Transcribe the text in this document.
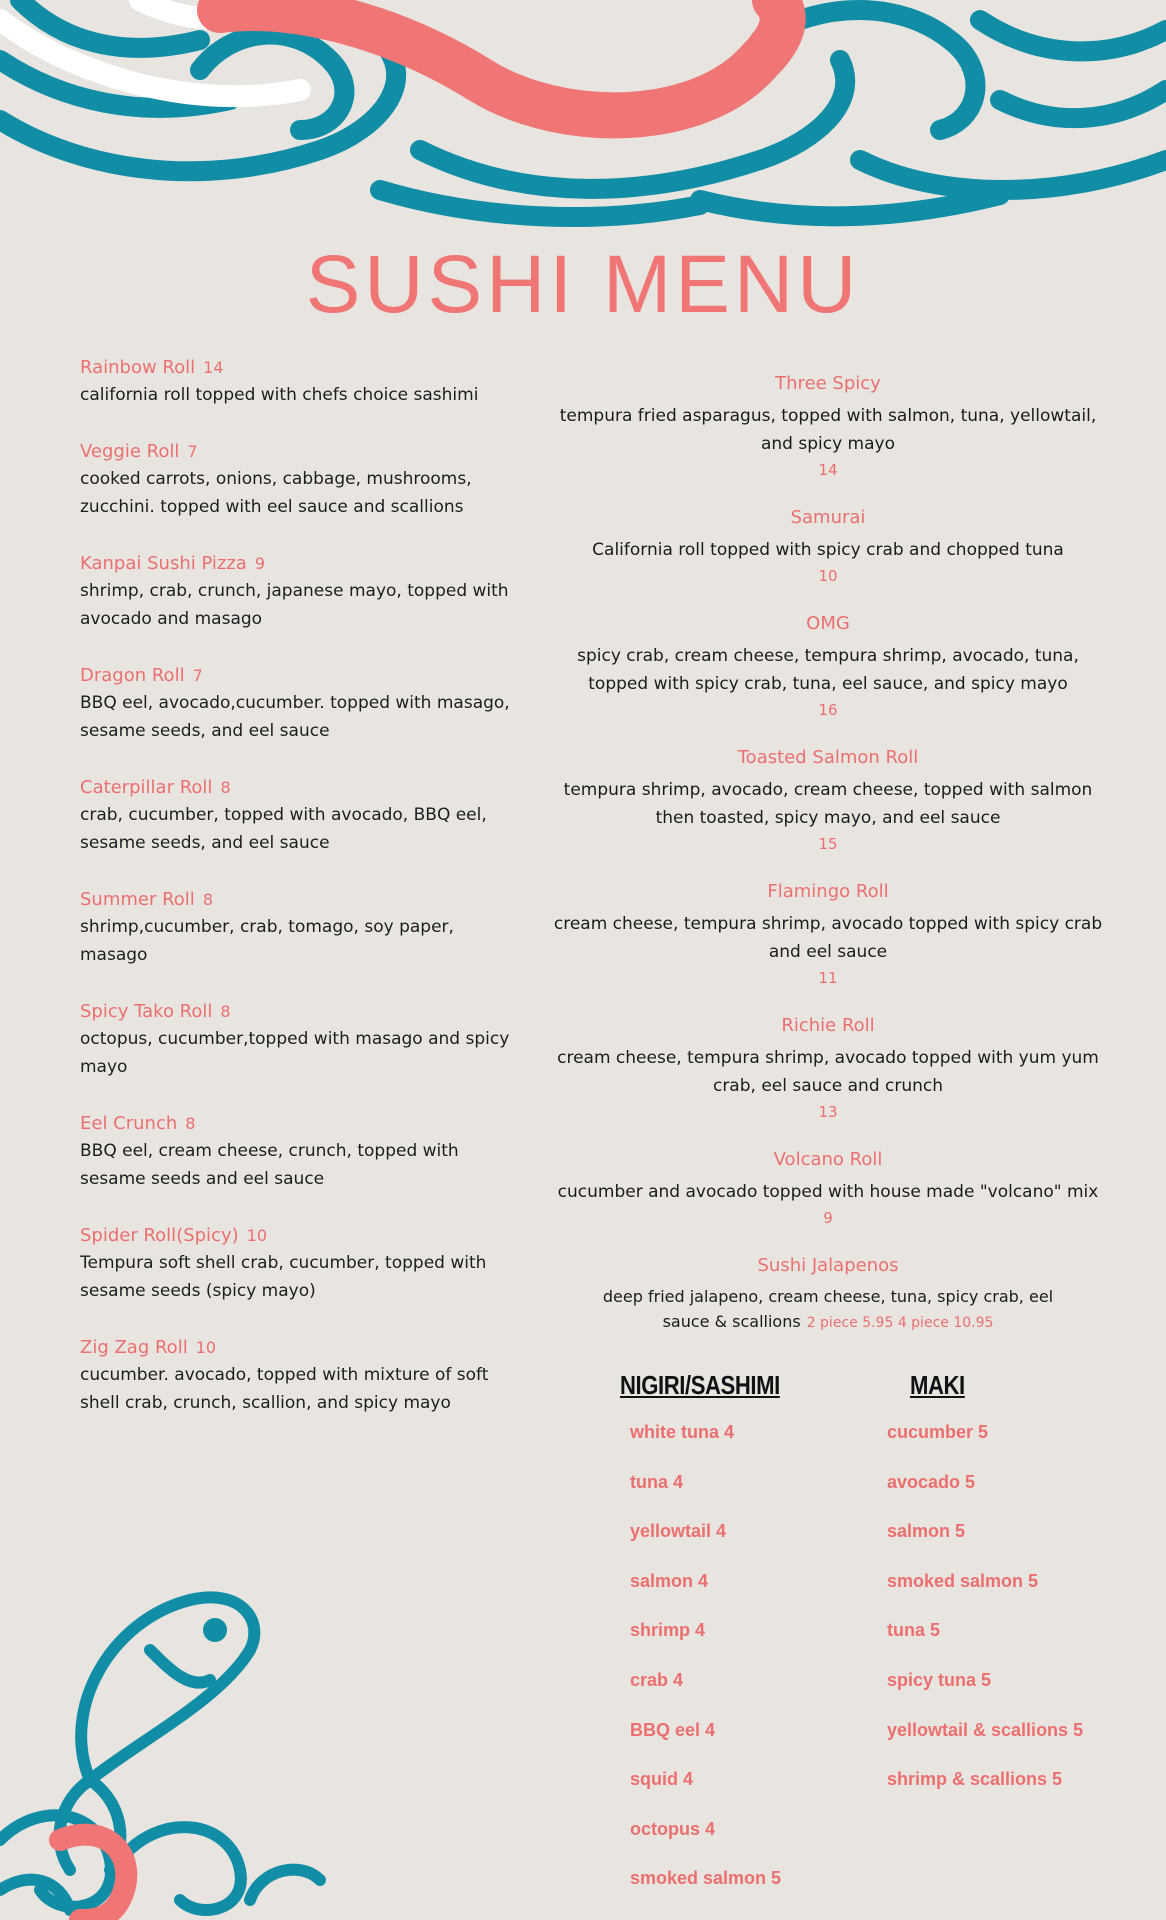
SUSHI MENU
Rainbow Roll 14
california roll topped with chefs choice sashimi
Veggie Roll 7
cooked carrots, onions, cabbage, mushrooms, zucchini. topped with eel sauce and scallions
Kanpai Sushi Pizza 9
shrimp, crab, crunch, japanese mayo, topped with avocado and masago
Dragon Roll 7
BBQ eel, avocado,cucumber. topped with masago, sesame seeds, and eel sauce
Caterpillar Roll 8
crab, cucumber, topped with avocado, BBQ eel, sesame seeds, and eel sauce
Summer Roll 8
shrimp,cucumber, crab, tomago, soy paper, masago
Spicy Tako Roll 8
octopus, cucumber,topped with masago and spicy mayo
Eel Crunch 8
BBQ eel, cream cheese, crunch, topped with sesame seeds and eel sauce
Spider Roll(Spicy) 10
Tempura soft shell crab, cucumber, topped with sesame seeds (spicy mayo)
Zig Zag Roll 10
cucumber. avocado, topped with mixture of soft shell crab, crunch, scallion, and spicy mayo
Three Spicy
tempura fried asparagus, topped with salmon, tuna, yellowtail, and spicy mayo
14
Samurai
California roll topped with spicy crab and chopped tuna
10
OMG
spicy crab, cream cheese, tempura shrimp, avocado, tuna, topped with spicy crab, tuna, eel sauce, and spicy mayo
16
Toasted Salmon Roll
tempura shrimp, avocado, cream cheese, topped with salmon then toasted, spicy mayo, and eel sauce
15
Flamingo Roll
cream cheese, tempura shrimp, avocado topped with spicy crab and eel sauce
11
Richie Roll
cream cheese, tempura shrimp, avocado topped with yum yum crab, eel sauce and crunch
13
Volcano Roll
cucumber and avocado topped with house made "volcano" mix
9
Sushi Jalapenos
deep fried jalapeno, cream cheese, tuna, spicy crab, eel sauce & scallions 2 piece 5.95 4 piece 10.95
NIGIRI/SASHIMI
white tuna 4
tuna 4
yellowtail 4
salmon 4
shrimp 4
crab 4
BBQ eel 4
squid 4
octopus 4
smoked salmon 5
MAKI
cucumber 5
avocado 5
salmon 5
smoked salmon 5
tuna 5
spicy tuna 5
yellowtail & scallions 5
shrimp & scallions 5
